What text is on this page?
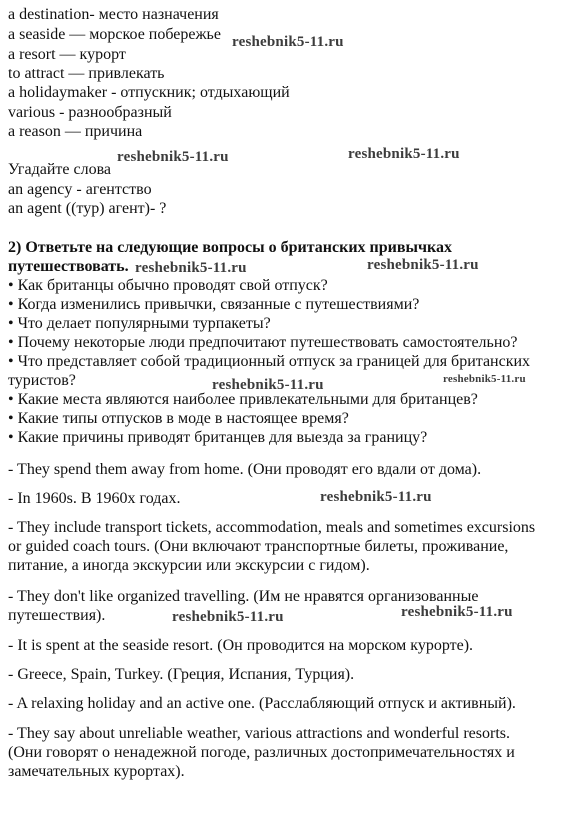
a destination- место назначения
a seaside — морское побережье
a resort — курорт
to attract — привлекать
a holidaymaker - отпускник; отдыхающий
various - разнообразный
a reason — причина
Угадайте слова
an agency - агентство
an agent ((тур) агент)- ?
2) Ответьте на следующие вопросы о британских привычках
путешествовать.
• Как британцы обычно проводят свой отпуск?
• Когда изменились привычки, связанные с путешествиями?
• Что делает популярными турпакеты?
• Почему некоторые люди предпочитают путешествовать самостоятельно?
• Что представляет собой традиционный отпуск за границей для британских
туристов?
• Какие места являются наиболее привлекательными для британцев?
• Какие типы отпусков в моде в настоящее время?
• Какие причины приводят британцев для выезда за границу?
- They spend them away from home. (Они проводят его вдали от дома).
- In 1960s. В 1960х годах.
- They include transport tickets, accommodation, meals and sometimes excursions
or guided coach tours. (Они включают транспортные билеты, проживание,
питание, а иногда экскурсии или экскурсии с гидом).
- They don't like organized travelling. (Им не нравятся организованные
путешествия).
- It is spent at the seaside resort. (Он проводится на морском курорте).
- Greece, Spain, Turkey. (Греция, Испания, Турция).
- A relaxing holiday and an active one. (Расслабляющий отпуск и активный).
- They say about unreliable weather, various attractions and wonderful resorts.
(Они говорят о ненадежной погоде, различных достопримечательностях и
замечательных курортах).
reshebnik5-11.ru
reshebnik5-11.ru	reshebnik5-11.ru
reshebnik5-11.ru	reshebnik5-11.ru
reshebnik5-11.ru
reshebnik5-11.ru
reshebnik5-11.ru
reshebnik5-11.ru	reshebnik5-11.ru
